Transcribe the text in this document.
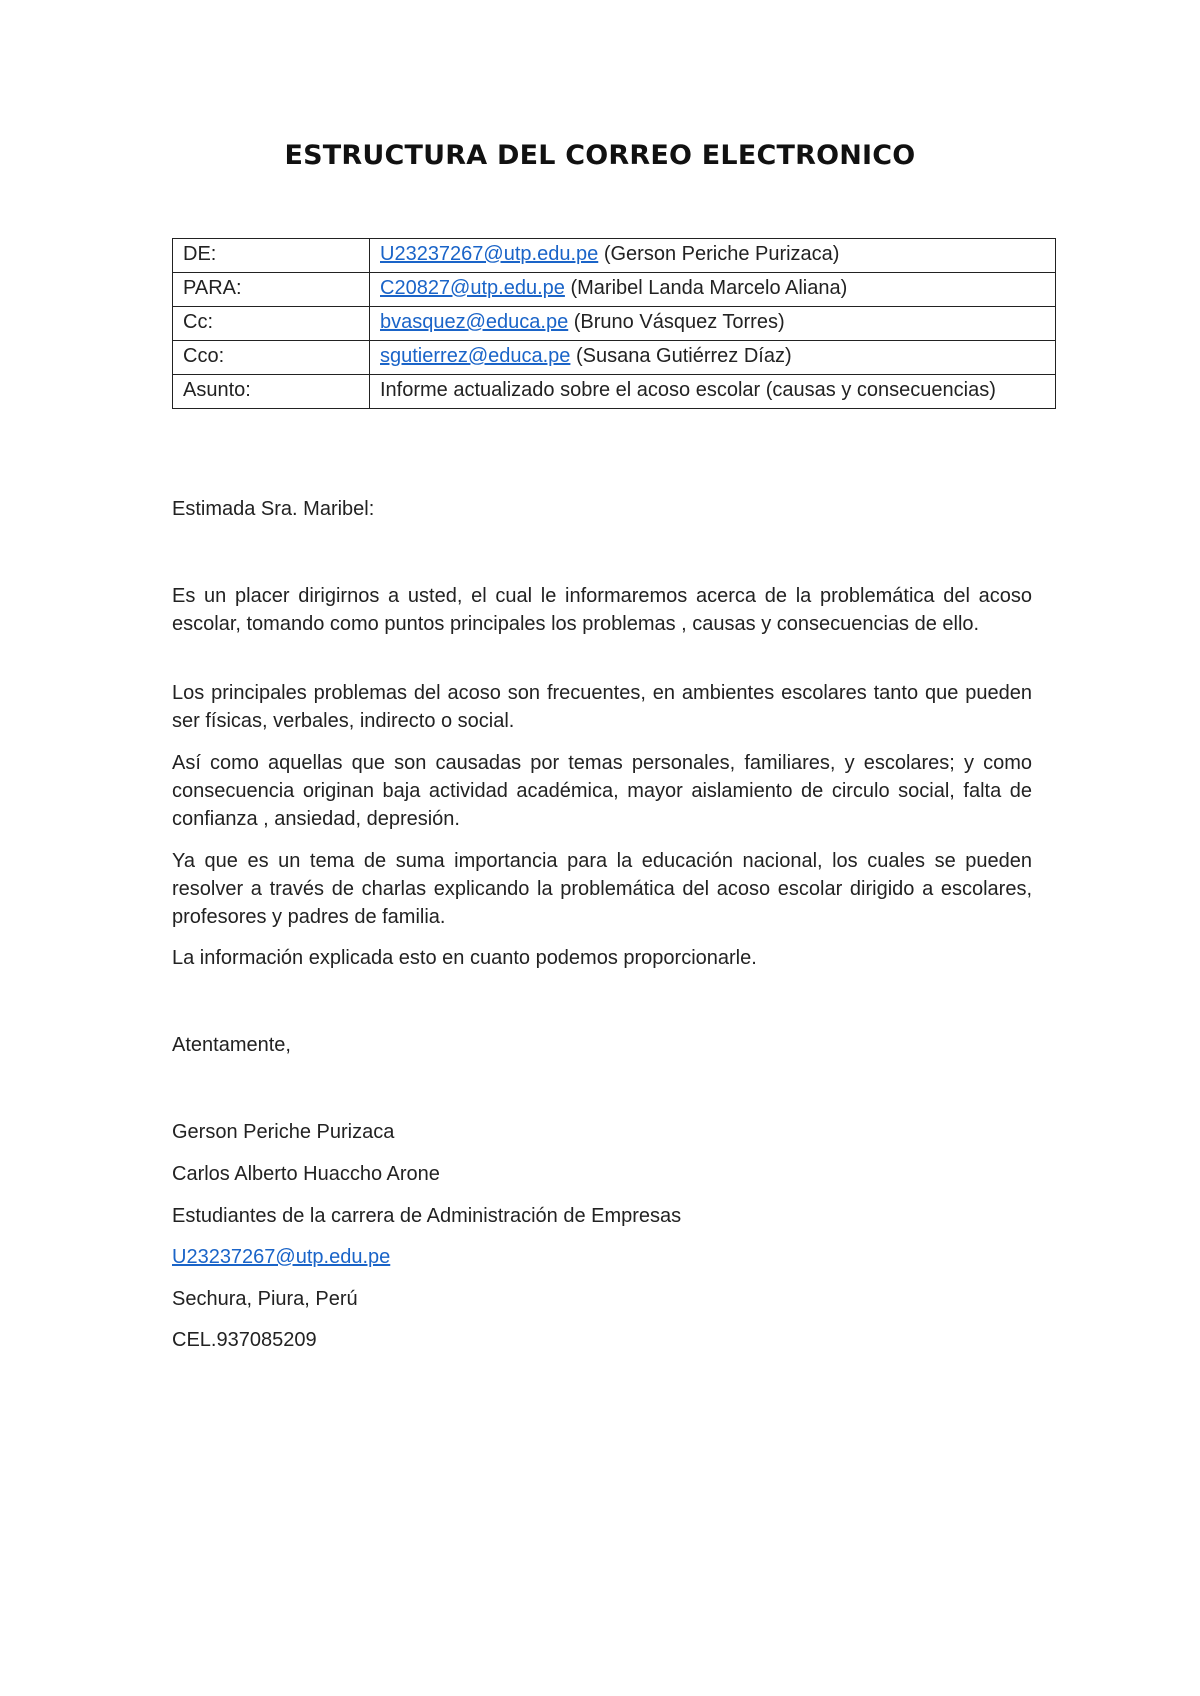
ESTRUCTURA DEL CORREO ELECTRONICO
DE:	U23237267@utp.edu.pe (Gerson Periche Purizaca)
PARA:	C20827@utp.edu.pe (Maribel Landa Marcelo Aliana)
Cc:	bvasquez@educa.pe (Bruno Vásquez Torres)
Cco:	sgutierrez@educa.pe (Susana Gutiérrez Díaz)
Asunto:	Informe actualizado sobre el acoso escolar (causas y consecuencias)
Estimada Sra. Maribel:
Es un placer dirigirnos a usted, el cual le informaremos acerca de la problemática del acoso escolar, tomando como puntos principales los problemas , causas y consecuencias de ello.
Los principales problemas del acoso son frecuentes, en ambientes escolares tanto que pueden ser físicas, verbales, indirecto o social.
Así como aquellas que son causadas por temas personales, familiares, y escolares; y como consecuencia originan baja actividad académica, mayor aislamiento de circulo social, falta de confianza , ansiedad, depresión.
Ya que es un tema de suma importancia para la educación nacional, los cuales se pueden resolver a través de charlas explicando la problemática del acoso escolar dirigido a escolares, profesores y padres de familia.
La información explicada esto en cuanto podemos proporcionarle.
Atentamente,
Gerson Periche Purizaca
Carlos Alberto Huaccho Arone
Estudiantes de la carrera de Administración de Empresas
U23237267@utp.edu.pe
Sechura, Piura, Perú
CEL.937085209
